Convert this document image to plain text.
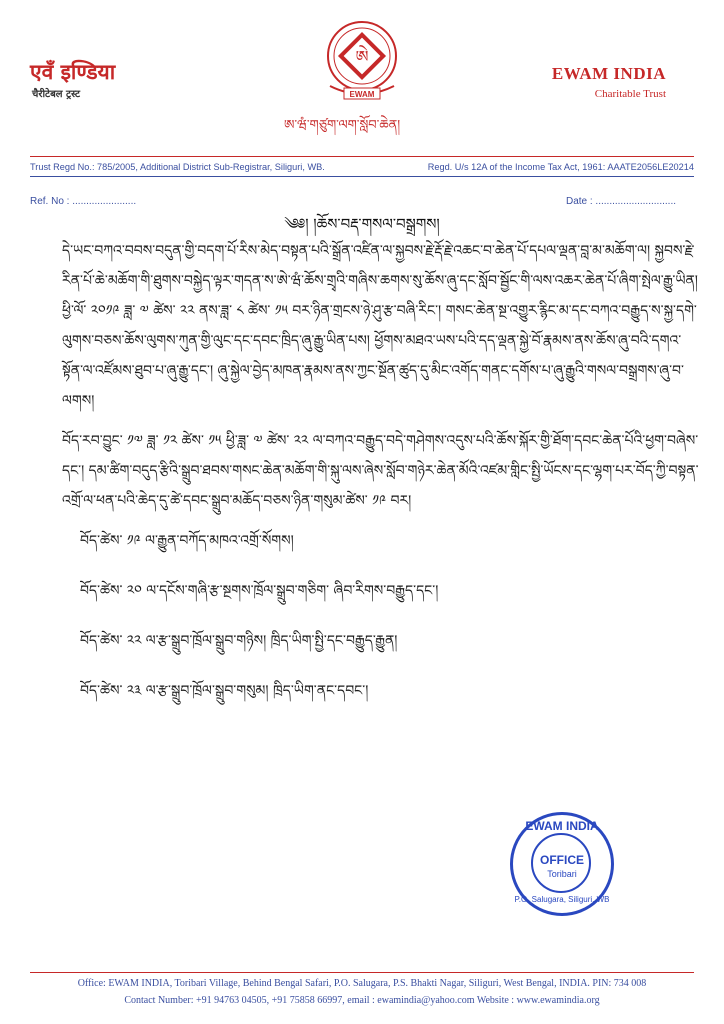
एवँ इण्डिया
चैरीटेबल ट्रस्ट
ཨེ
EWAM
ཨ་ཝཾ་གཙུག་ལག་སློབ་ཆེན།
EWAM INDIA
Charitable Trust
Trust Regd No.: 785/2005, Additional District Sub-Registrar, Siliguri, WB.	Regd. U/s 12A of the Income Tax Act, 1961: AAATE2056LE20214
Ref. No : .......................	Date : .............................
༄༅། །ཆོས་བརྡ་གསལ་བསྒྲགས།

དེ་ཡང་བཀའ་བབས་བདུན་གྱི་བདག་པོ་རིས་མེད་བསྟན་པའི་སྒྲོན་འཛིན་ལ་སྐྱབས་རྗེ་རྡོ་རྗེ་འཆང་བ་ཆེན་པོ་དཔལ་ལྡན་བླ་མ་མཆོག་ལ། སྐྱབས་རྗེ་རིན་པོ་ཆེ་མཆོག་གི་ཐུགས་བསྐྱེད་ལྟར་གདན་ས་ཨེ་ཝཾ་ཆོས་གྲྭའི་གཞིས་ཆགས་སུ་ཆོས་ཞུ་དང་སློབ་སྦྱོང་གི་ལས་འཆར་ཆེན་པོ་ཞིག་སྤེལ་རྒྱུ་ཡིན། ཕྱི་ལོ་ ༢༠༡༩ ཟླ་ ༧ ཚེས་ ༢༢ ནས་ཟླ་ ༨ ཚེས་ ༡༥ བར་ཉིན་གྲངས་ཉེ་ཤུ་རྩ་བཞི་རིང་། གསང་ཆེན་སྔ་འགྱུར་རྙིང་མ་དང་བཀའ་བརྒྱུད་ས་སྐྱ་དགེ་ལུགས་བཅས་ཆོས་ལུགས་ཀུན་གྱི་ལུང་དང་དབང་ཁྲིད་ཞུ་རྒྱུ་ཡིན་པས། ཕྱོགས་མཐའ་ཡས་པའི་དད་ལྡན་སྐྱེ་བོ་རྣམས་ནས་ཆོས་ཞུ་བའི་དགའ་སྟོན་ལ་འཛོམས་ཐུབ་པ་ཞུ་རྒྱུ་དང་། ཞུ་སྐྱེལ་བྱེད་མཁན་རྣམས་ནས་ཀྱང་སྔོན་ཚུད་དུ་མིང་འགོད་གནང་དགོས་པ་ཞུ་རྒྱུའི་གསལ་བསྒྲགས་ཞུ་བ་ལགས།

བོད་རབ་བྱུང་ ༡༧ ཟླ་ ༡༢ ཚེས་ ༡༥ ཕྱི་ཟླ་ ༧ ཚེས་ ༢༢ ལ་བཀའ་བརྒྱུད་བདེ་གཤེགས་འདུས་པའི་ཆོས་སྐོར་གྱི་ཐོག་དབང་ཆེན་པོའི་ཕྱག་བཞེས་དང་། དམ་ཚིག་བདུད་རྩིའི་སྒྲུབ་ཐབས་གསང་ཆེན་མཆོག་གི་སྐུ་ལས་ཞེས་སློབ་གཉེར་ཆེན་མོའི་འཛམ་གླིང་སྤྱི་ཡོངས་དང་ལྷག་པར་བོད་ཀྱི་བསྟན་འགྲོ་ལ་ཕན་པའི་ཆེད་དུ་ཚེ་དབང་སྒྲུབ་མཆོད་བཅས་ཉིན་གསུམ་ཚེས་ ༡༩ བར།

བོད་ཚེས་ ༡༩ ལ་རྒྱུན་བཀོད་མཁའ་འགྲོ་སོགས།
བོད་ཚེས་ ༢༠ ལ་དངོས་གཞི་རྩ་སྔགས་ཁྲོལ་སྒྲུབ་གཅིག་ ཞིབ་རིགས་བརྒྱུད་དང་།
བོད་ཚེས་ ༢༢ ལ་རྩ་སྒྲུབ་ཁྲོལ་སྒྲུབ་གཉིས། ཁྲིད་ཡིག་སྤྱི་དང་བརྒྱུད་རྒྱུན།
བོད་ཚེས་ ༢༣ ལ་རྩ་སྒྲུབ་ཁྲོལ་སྒྲུབ་གསུམ། ཁྲིད་ཡིག་ནང་དབང་།
EWAM INDIA
OFFICE
Toribari
P.O. Salugara, Siliguri, WB
Office: EWAM INDIA, Toribari Village, Behind Bengal Safari, P.O. Salugara, P.S. Bhakti Nagar, Siliguri, West Bengal, INDIA. PIN: 734 008
Contact Number: +91 94763 04505, +91 75858 66997, email : ewamindia@yahoo.com Website : www.ewamindia.org
